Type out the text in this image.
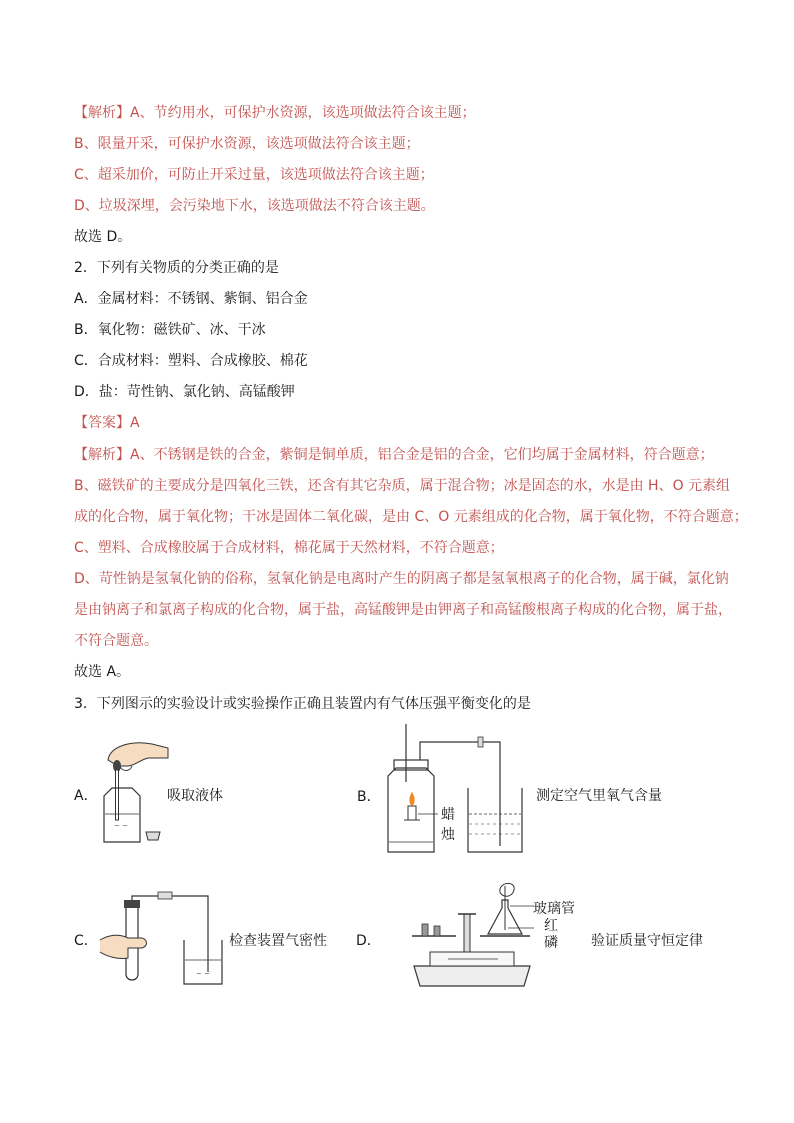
【解析】A、节约用水，可保护水资源，该选项做法符合该主题；
B、限量开采，可保护水资源，该选项做法符合该主题；
C、超采加价，可防止开采过量，该选项做法符合该主题；
D、垃圾深埋，会污染地下水，该选项做法不符合该主题。
故选 D。
2．下列有关物质的分类正确的是
A．金属材料：不锈钢、紫铜、铝合金
B．氧化物：磁铁矿、冰、干冰
C．合成材料：塑料、合成橡胶、棉花
D．盐：苛性钠、氯化钠、高锰酸钾
【答案】A
【解析】A、不锈钢是铁的合金，紫铜是铜单质，铝合金是铝的合金，它们均属于金属材料，符合题意；
B、磁铁矿的主要成分是四氧化三铁，还含有其它杂质，属于混合物；冰是固态的水，水是由 H、O 元素组
成的化合物，属于氧化物；干冰是固体二氧化碳，是由 C、O 元素组成的化合物，属于氧化物，不符合题意；
C、塑料、合成橡胶属于合成材料，棉花属于天然材料，不符合题意；
D、苛性钠是氢氧化钠的俗称，氢氧化钠是电离时产生的阴离子都是氢氧根离子的化合物，属于碱，氯化钠
是由钠离子和氯离子构成的化合物，属于盐，高锰酸钾是由钾离子和高锰酸根离子构成的化合物，属于盐，
不符合题意。
故选 A。
3．下列图示的实验设计或实验操作正确且装置内有气体压强平衡变化的是
A．
~ ~
吸取液体	B．
蜡
烛
测定空气里氧气含量
C．
~ ~
检查装置气密性 D．
玻璃管
红
磷 验证质量守恒定律
